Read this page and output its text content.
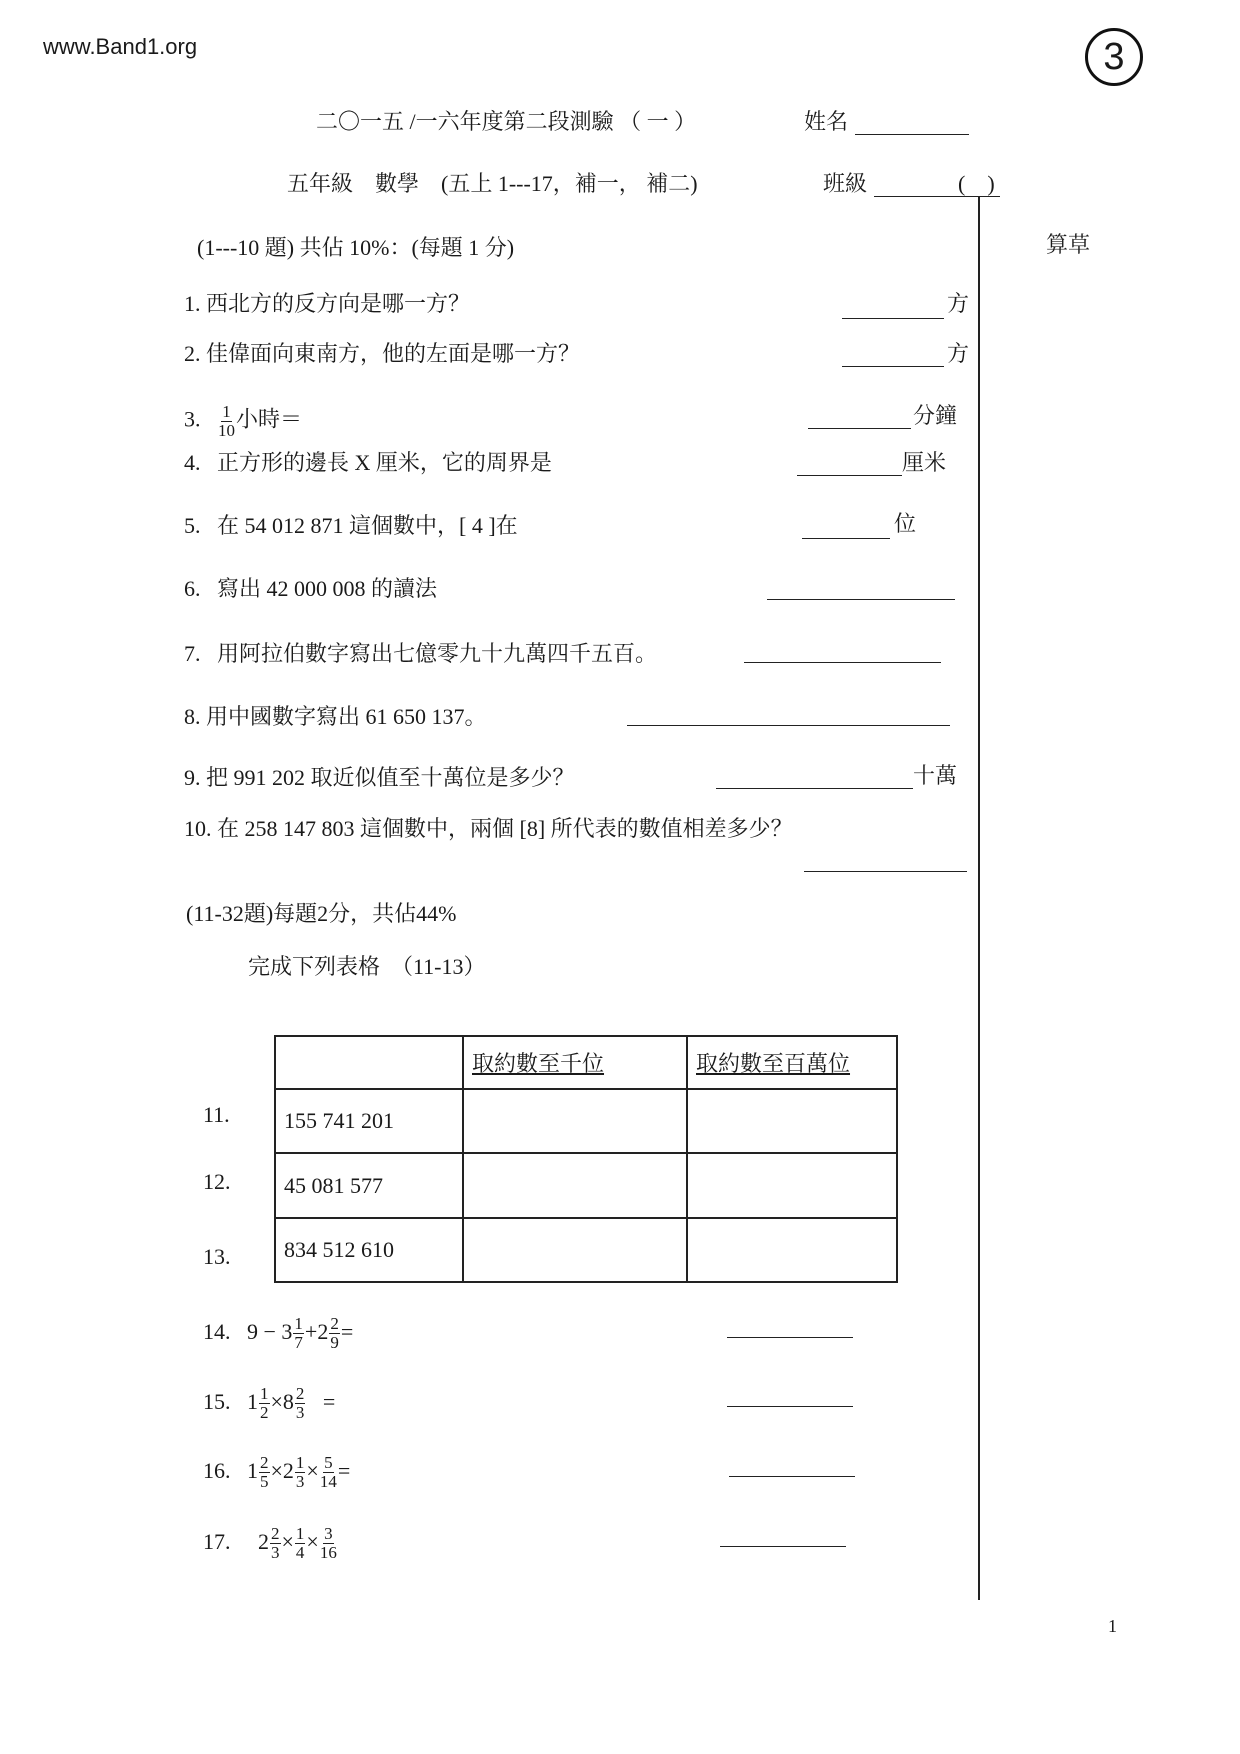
www.Band1.org	3
二〇一五 /一六年度第二段測驗 （ 一 ）	姓名
五年級　數學　(五上 1---17，補一， 補二)	班級	(　)
算草
(1---10 題) 共佔 10%：(每題 1 分)
1. 西北方的反方向是哪一方？	方
2. 佳偉面向東南方，他的左面是哪一方？	方
3. $\frac{1}{10}$ 小時＝	分鐘
4. 正方形的邊長 X 厘米，它的周界是	厘米
5. 在 54 012 871 這個數中，[ 4 ]在	位
6. 寫出 42 000 008 的讀法
7. 用阿拉伯數字寫出七億零九十九萬四千五百。
8. 用中國數字寫出 61 650 137。
9. 把 991 202 取近似值至十萬位是多少？	十萬
10. 在 258 147 803 這個數中，兩個 [8] 所代表的數值相差多少？
(11-32題)每題2分，共佔44%
完成下列表格　（11-13）
11.
12.
13.
	取約數至千位	取約數至百萬位
155 741 201		
45 081 577		
834 512 610		
14. $9 - 3 \frac{1}{7} +2 \frac{2}{9}$ =
15. $1 \frac{1}{2} \times 8 \frac{2}{3}$ =
16. $1 \frac{2}{5} \times 2 \frac{1}{3} \times \frac{5}{14}$ =
17. $2 \frac{2}{3} \times \frac{1}{4} \times \frac{3}{16}$
1
